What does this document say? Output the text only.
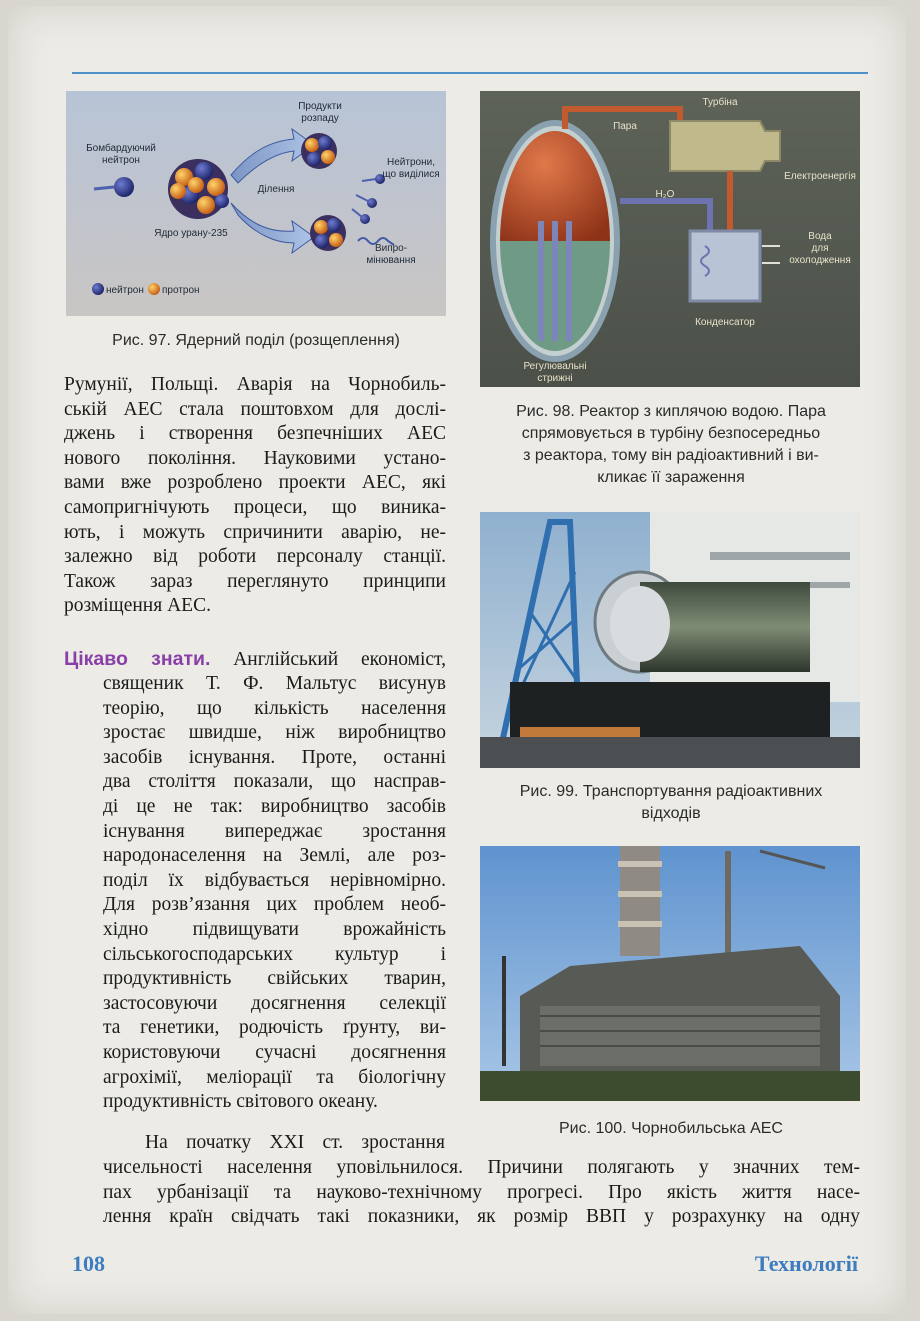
Бомбардуючий
нейтрон
Продукти
розпаду
Ділення
Нейтрони,
що виділися
Ядро урану-235
Випро-
мінювання
нейтрон протрон
Рис. 97. Ядерний поділ (розщеплення)
Турбіна
Пара
Електроенергія
H₂O
Вода
для
охолодження
Конденсатор
Регулювальні
стрижні
Рис. 98. Реактор з киплячою водою. Пара
спрямовується в турбіну безпосередньо
з реактора, тому він радіоактивний і ви-
кликає її зараження
Рис. 99. Транспортування радіоактивних
відходів
Рис. 100. Чорнобильська АЕС
Румунії, Польщі. Аварія на Чорнобиль-
ській АЕС стала поштовхом для дослі-
джень і створення безпечніших АЕС
нового покоління. Науковими устано-
вами вже розроблено проекти АЕС, які
самопригнічують процеси, що виника-
ють, і можуть спричинити аварію, не-
залежно від роботи персоналу станції.
Також зараз переглянуто принципи
розміщення АЕС.
Цікаво знати. Англійський економіст,
священик Т. Ф. Мальтус висунув
теорію, що кількість населення
зростає швидше, ніж виробництво
засобів існування. Проте, останні
два століття показали, що насправ-
ді це не так: виробництво засобів
існування випереджає зростання
народонаселення на Землі, але роз-
поділ їх відбувається нерівномірно.
Для розв’язання цих проблем необ-
хідно підвищувати врожайність
сільськогосподарських культур і
продуктивність свійських тварин,
застосовуючи досягнення селекції
та генетики, родючість ґрунту, ви-
користовуючи сучасні досягнення
агрохімії, меліорації та біологічну
продуктивність світового океану.
На початку XXI ст. зростання
чисельності населення уповільнилося. Причини полягають у значних тем-
пах урбанізації та науково-технічному прогресі. Про якість життя насе-
лення країн свідчать такі показники, як розмір ВВП у розрахунку на одну
108	Технології
